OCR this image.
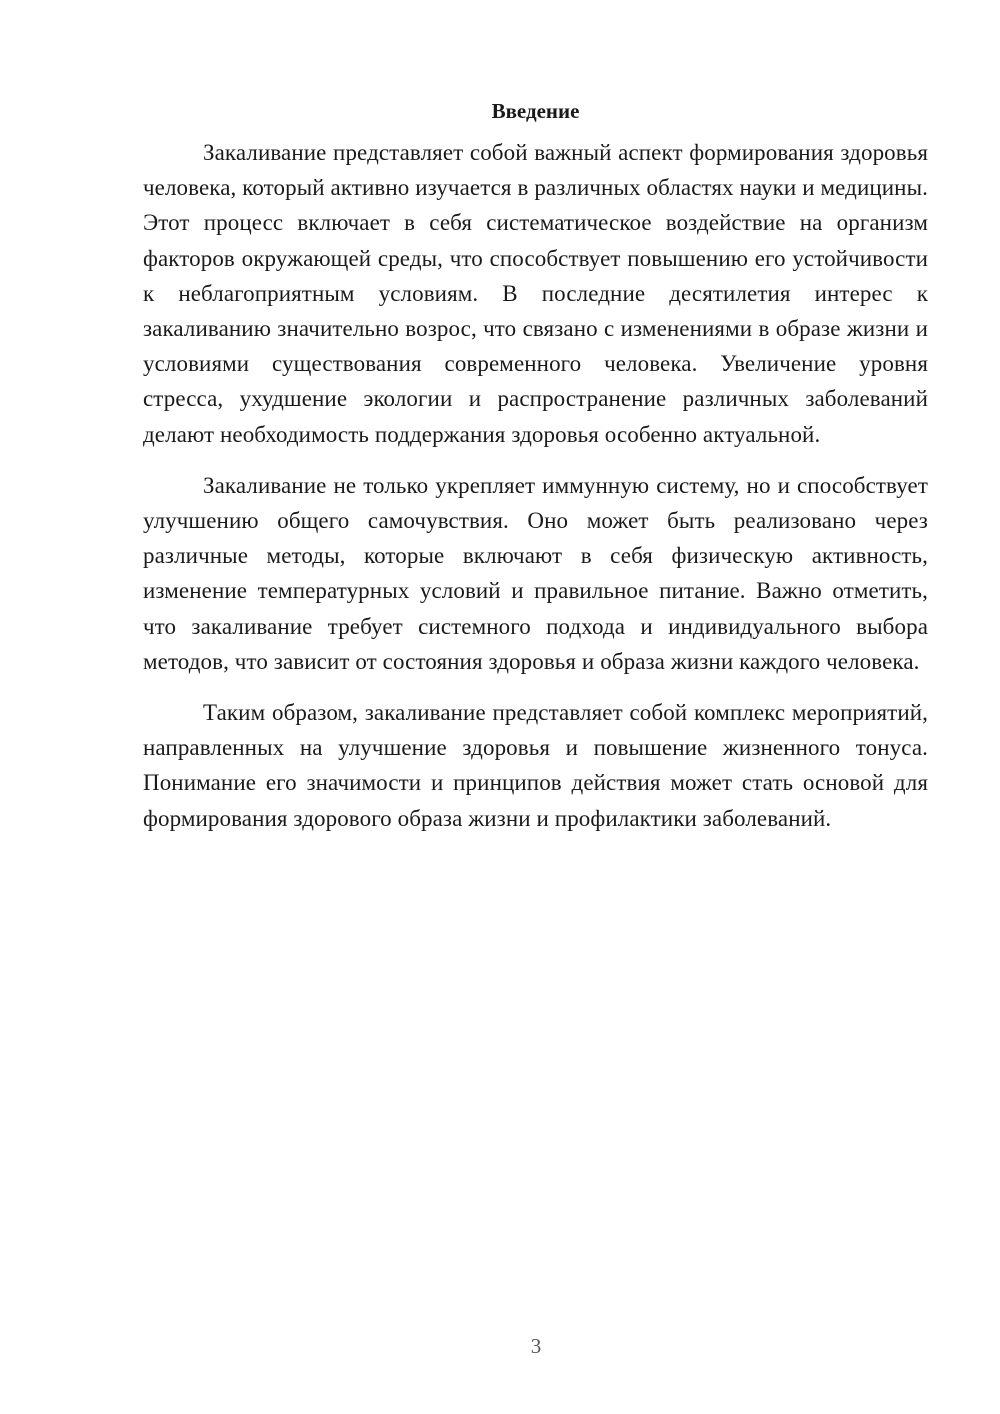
Введение

Закаливание представляет собой важный аспект формирования здоровья человека, который активно изучается в различных областях науки и медицины. Этот процесс включает в себя систематическое воздействие на организм факторов окружающей среды, что способствует повышению его устойчивости к неблагоприятным условиям. В последние десятилетия интерес к закаливанию значительно возрос, что связано с изменениями в образе жизни и условиями существования современного человека. Увеличение уровня стресса, ухудшение экологии и распространение различных заболеваний делают необходимость поддержания здоровья особенно актуальной.

Закаливание не только укрепляет иммунную систему, но и способствует улучшению общего самочувствия. Оно может быть реализовано через различные методы, которые включают в себя физическую активность, изменение температурных условий и правильное питание. Важно отметить, что закаливание требует системного подхода и индивидуального выбора методов, что зависит от состояния здоровья и образа жизни каждого человека.

Таким образом, закаливание представляет собой комплекс мероприятий, направленных на улучшение здоровья и повышение жизненного тонуса. Понимание его значимости и принципов действия может стать основой для формирования здорового образа жизни и профилактики заболеваний.

3
